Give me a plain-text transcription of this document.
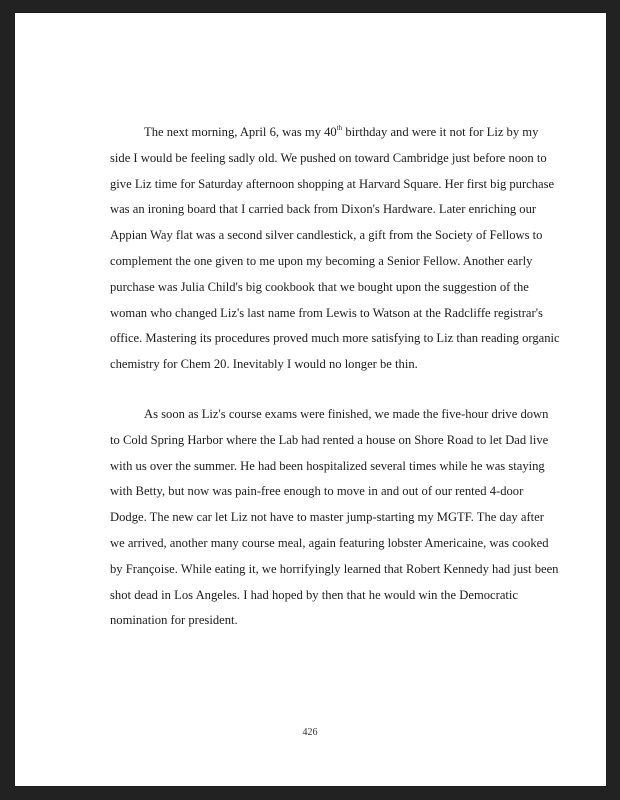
The next morning, April 6, was my 40th birthday and were it not for Liz by my
side I would be feeling sadly old. We pushed on toward Cambridge just before noon to
give Liz time for Saturday afternoon shopping at Harvard Square. Her first big purchase
was an ironing board that I carried back from Dixon's Hardware. Later enriching our
Appian Way flat was a second silver candlestick, a gift from the Society of Fellows to
complement the one given to me upon my becoming a Senior Fellow. Another early
purchase was Julia Child's big cookbook that we bought upon the suggestion of the
woman who changed Liz's last name from Lewis to Watson at the Radcliffe registrar's
office. Mastering its procedures proved much more satisfying to Liz than reading organic
chemistry for Chem 20. Inevitably I would no longer be thin.
As soon as Liz's course exams were finished, we made the five-hour drive down
to Cold Spring Harbor where the Lab had rented a house on Shore Road to let Dad live
with us over the summer. He had been hospitalized several times while he was staying
with Betty, but now was pain-free enough to move in and out of our rented 4-door
Dodge. The new car let Liz not have to master jump-starting my MGTF. The day after
we arrived, another many course meal, again featuring lobster Americaine, was cooked
by Françoise. While eating it, we horrifyingly learned that Robert Kennedy had just been
shot dead in Los Angeles. I had hoped by then that he would win the Democratic
nomination for president.
426
